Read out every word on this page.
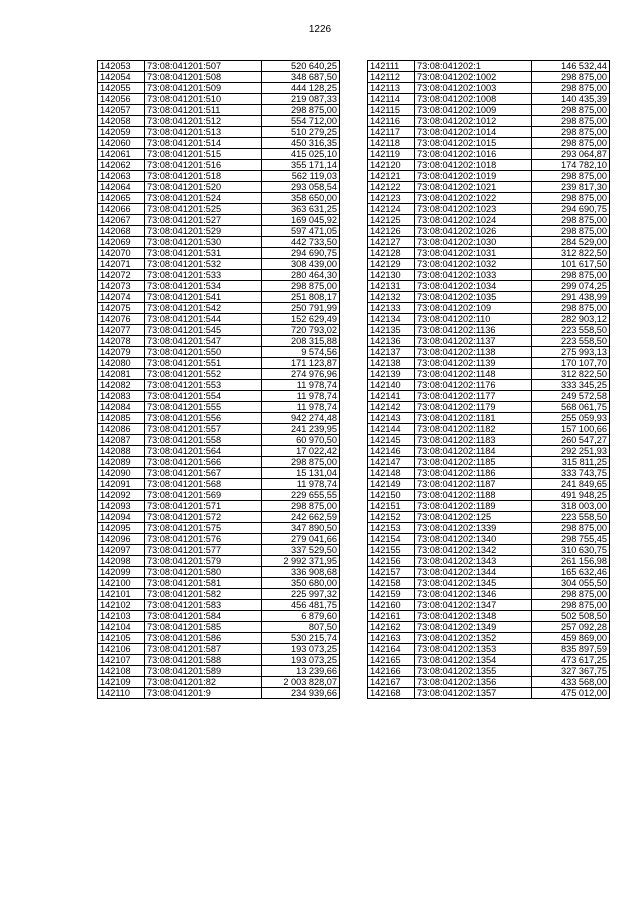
1226
142053	73:08:041201:507	520 640,25
142054	73:08:041201:508	348 687,50
142055	73:08:041201:509	444 128,25
142056	73:08:041201:510	219 087,33
142057	73:08:041201:511	298 875,00
142058	73:08:041201:512	554 712,00
142059	73:08:041201:513	510 279,25
142060	73:08:041201:514	450 316,35
142061	73:08:041201:515	415 025,10
142062	73:08:041201:516	355 171,14
142063	73:08:041201:518	562 119,03
142064	73:08:041201:520	293 058,54
142065	73:08:041201:524	358 650,00
142066	73:08:041201:525	363 631,25
142067	73:08:041201:527	169 045,92
142068	73:08:041201:529	597 471,05
142069	73:08:041201:530	442 733,50
142070	73:08:041201:531	294 690,75
142071	73:08:041201:532	308 439,00
142072	73:08:041201:533	280 464,30
142073	73:08:041201:534	298 875,00
142074	73:08:041201:541	251 808,17
142075	73:08:041201:542	250 791,99
142076	73:08:041201:544	152 629,49
142077	73:08:041201:545	720 793,02
142078	73:08:041201:547	208 315,88
142079	73:08:041201:550	9 574,56
142080	73:08:041201:551	171 123,87
142081	73:08:041201:552	274 976,96
142082	73:08:041201:553	11 978,74
142083	73:08:041201:554	11 978,74
142084	73:08:041201:555	11 978,74
142085	73:08:041201:556	942 274,48
142086	73:08:041201:557	241 239,95
142087	73:08:041201:558	60 970,50
142088	73:08:041201:564	17 022,42
142089	73:08:041201:566	298 875,00
142090	73:08:041201:567	15 131,04
142091	73:08:041201:568	11 978,74
142092	73:08:041201:569	229 655,55
142093	73:08:041201:571	298 875,00
142094	73:08:041201:572	242 662,59
142095	73:08:041201:575	347 890,50
142096	73:08:041201:576	279 041,66
142097	73:08:041201:577	337 529,50
142098	73:08:041201:579	2 992 371,95
142099	73:08:041201:580	336 908,68
142100	73:08:041201:581	350 680,00
142101	73:08:041201:582	225 997,32
142102	73:08:041201:583	456 481,75
142103	73:08:041201:584	6 879,60
142104	73:08:041201:585	807,50
142105	73:08:041201:586	530 215,74
142106	73:08:041201:587	193 073,25
142107	73:08:041201:588	193 073,25
142108	73:08:041201:589	13 239,66
142109	73:08:041201:82	2 003 828,07
142110	73:08:041201:9	234 939,66
142111	73:08:041202:1	146 532,44
142112	73:08:041202:1002	298 875,00
142113	73:08:041202:1003	298 875,00
142114	73:08:041202:1008	140 435,39
142115	73:08:041202:1009	298 875,00
142116	73:08:041202:1012	298 875,00
142117	73:08:041202:1014	298 875,00
142118	73:08:041202:1015	298 875,00
142119	73:08:041202:1016	293 064,87
142120	73:08:041202:1018	174 782,10
142121	73:08:041202:1019	298 875,00
142122	73:08:041202:1021	239 817,30
142123	73:08:041202:1022	298 875,00
142124	73:08:041202:1023	294 690,75
142125	73:08:041202:1024	298 875,00
142126	73:08:041202:1026	298 875,00
142127	73:08:041202:1030	284 529,00
142128	73:08:041202:1031	312 822,50
142129	73:08:041202:1032	101 617,50
142130	73:08:041202:1033	298 875,00
142131	73:08:041202:1034	299 074,25
142132	73:08:041202:1035	291 438,99
142133	73:08:041202:109	298 875,00
142134	73:08:041202:110	282 903,12
142135	73:08:041202:1136	223 558,50
142136	73:08:041202:1137	223 558,50
142137	73:08:041202:1138	275 993,13
142138	73:08:041202:1139	170 107,70
142139	73:08:041202:1148	312 822,50
142140	73:08:041202:1176	333 345,25
142141	73:08:041202:1177	249 572,58
142142	73:08:041202:1179	568 061,75
142143	73:08:041202:1181	255 059,93
142144	73:08:041202:1182	157 100,66
142145	73:08:041202:1183	260 547,27
142146	73:08:041202:1184	292 251,93
142147	73:08:041202:1185	315 811,25
142148	73:08:041202:1186	333 743,75
142149	73:08:041202:1187	241 849,65
142150	73:08:041202:1188	491 948,25
142151	73:08:041202:1189	318 003,00
142152	73:08:041202:125	223 558,50
142153	73:08:041202:1339	298 875,00
142154	73:08:041202:1340	298 755,45
142155	73:08:041202:1342	310 630,75
142156	73:08:041202:1343	261 156,98
142157	73:08:041202:1344	165 632,46
142158	73:08:041202:1345	304 055,50
142159	73:08:041202:1346	298 875,00
142160	73:08:041202:1347	298 875,00
142161	73:08:041202:1348	502 508,50
142162	73:08:041202:1349	257 092,28
142163	73:08:041202:1352	459 869,00
142164	73:08:041202:1353	835 897,59
142165	73:08:041202:1354	473 617,25
142166	73:08:041202:1355	327 367,75
142167	73:08:041202:1356	433 568,00
142168	73:08:041202:1357	475 012,00
